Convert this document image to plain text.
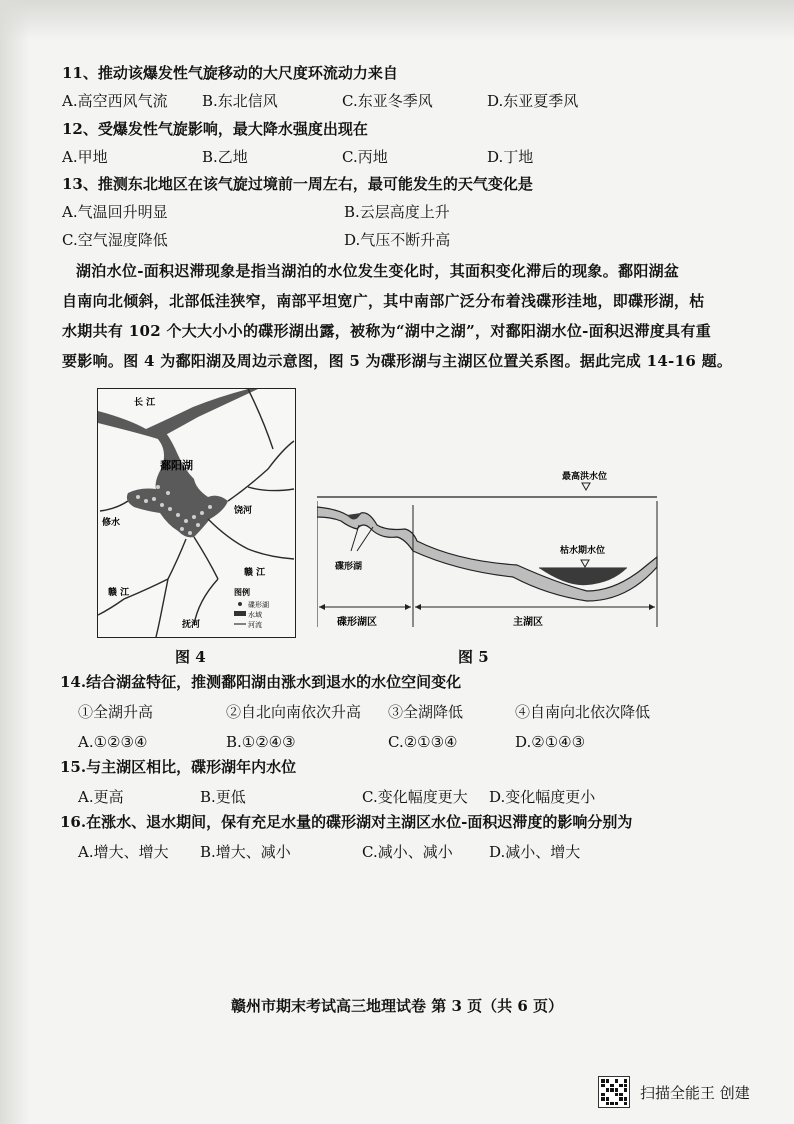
11、推动该爆发性气旋移动的大尺度环流动力来自
A.高空西风气流	B.东北信风	C.东亚冬季风	D.东亚夏季风
12、受爆发性气旋影响，最大降水强度出现在
A.甲地	B.乙地	C.丙地	D.丁地
13、推测东北地区在该气旋过境前一周左右，最可能发生的天气变化是
A.气温回升明显	B.云层高度上升
C.空气湿度降低	D.气压不断升高
湖泊水位-面积迟滞现象是指当湖泊的水位发生变化时，其面积变化滞后的现象。鄱阳湖盆
自南向北倾斜，北部低洼狭窄，南部平坦宽广，其中南部广泛分布着浅碟形洼地，即碟形湖，枯
水期共有 102 个大大小小的碟形湖出露，被称为“湖中之湖”，对鄱阳湖水位-面积迟滞度具有重
要影响。图 4 为鄱阳湖及周边示意图，图 5 为碟形湖与主湖区位置关系图。据此完成 14-16 题。
长 江
鄱阳湖
修水
饶河
赣 江
赣 江
抚河
图例
碟形湖
水域
河流
图 4
最高洪水位
枯水期水位
碟形湖
碟形湖区	主湖区
图 5
14.结合湖盆特征，推测鄱阳湖由涨水到退水的水位空间变化
①全湖升高	②自北向南依次升高	③全湖降低	④自南向北依次降低
A.①②③④	B.①②④③	C.②①③④	D.②①④③
15.与主湖区相比，碟形湖年内水位
A.更高	B.更低	C.变化幅度更大	D.变化幅度更小
16.在涨水、退水期间，保有充足水量的碟形湖对主湖区水位-面积迟滞度的影响分别为
A.增大、增大	B.增大、减小	C.减小、减小	D.减小、增大
赣州市期末考试高三地理试卷 第 3 页（共 6 页）
扫描全能王 创建
